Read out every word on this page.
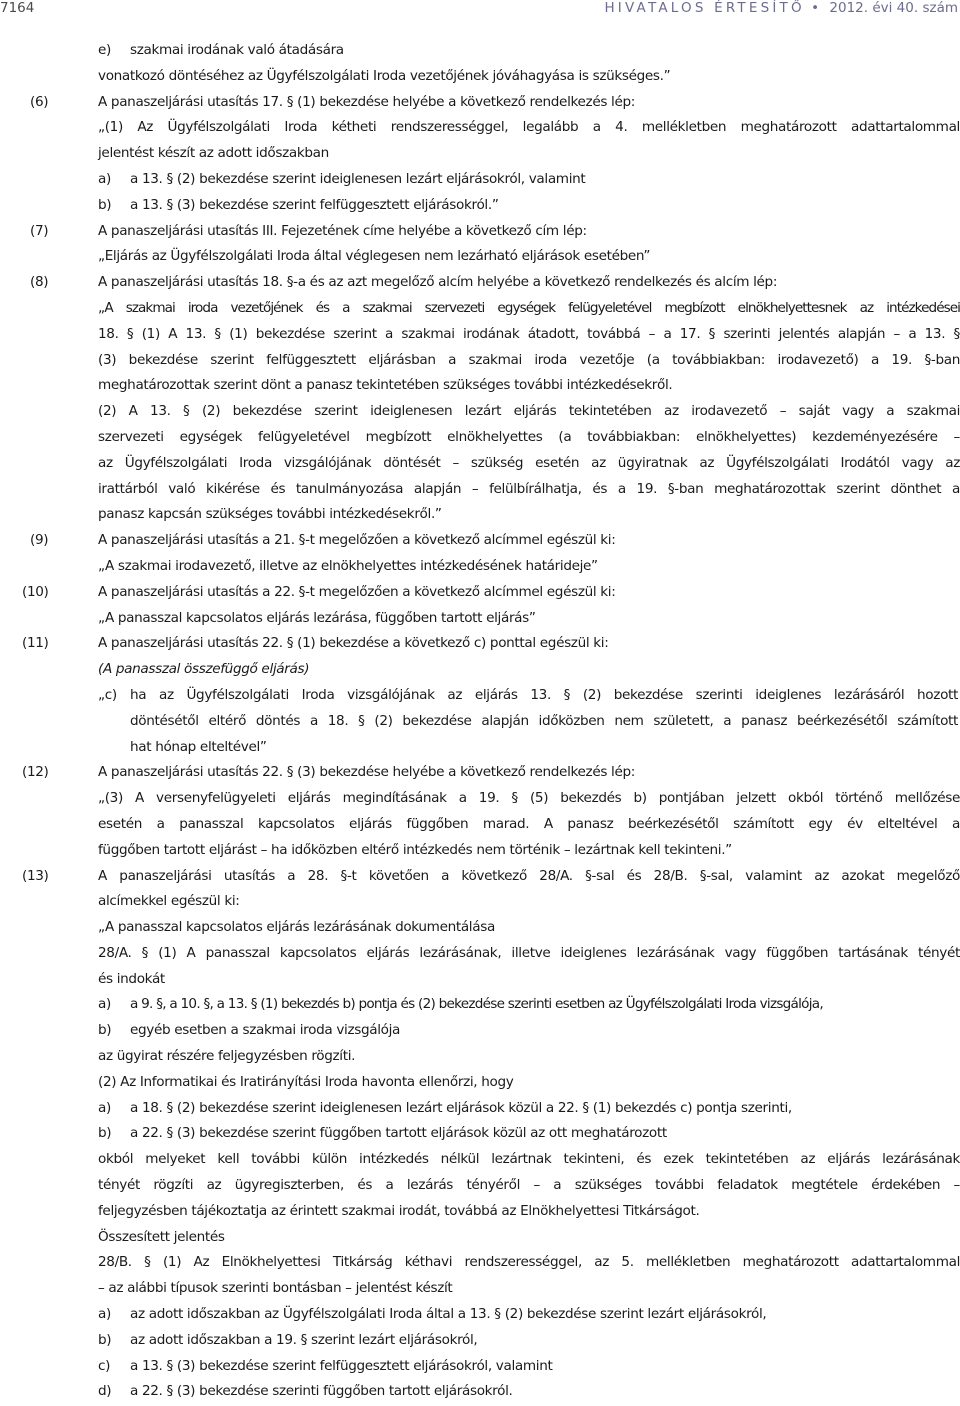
7164	HIVATALOS ÉRTESÍTŐ • 2012. évi 40. szám
e) szakmai irodának való átadására
vonatkozó döntéséhez az Ügyfélszolgálati Iroda vezetőjének jóváhagyása is szükséges.”
(6)	A panaszeljárási utasítás 17. § (1) bekezdése helyébe a következő rendelkezés lép:
„(1) Az Ügyfélszolgálati Iroda kétheti rendszerességgel, legalább a 4. mellékletben meghatározott adattartalommal
jelentést készít az adott időszakban
a) a 13. § (2) bekezdése szerint ideiglenesen lezárt eljárásokról, valamint
b) a 13. § (3) bekezdése szerint felfüggesztett eljárásokról.”
(7)	A panaszeljárási utasítás III. Fejezetének címe helyébe a következő cím lép:
„Eljárás az Ügyfélszolgálati Iroda által véglegesen nem lezárható eljárások esetében”
(8)	A panaszeljárási utasítás 18. §-a és az azt megelőző alcím helyébe a következő rendelkezés és alcím lép:
„A szakmai iroda vezetőjének és a szakmai szervezeti egységek felügyeletével megbízott elnökhelyettesnek az intézkedései
18. § (1) A 13. § (1) bekezdése szerint a szakmai irodának átadott, továbbá – a 17. § szerinti jelentés alapján – a 13. §
(3) bekezdése szerint felfüggesztett eljárásban a szakmai iroda vezetője (a továbbiakban: irodavezető) a 19. §-ban
meghatározottak szerint dönt a panasz tekintetében szükséges további intézkedésekről.
(2) A 13. § (2) bekezdése szerint ideiglenesen lezárt eljárás tekintetében az irodavezető – saját vagy a szakmai
szervezeti egységek felügyeletével megbízott elnökhelyettes (a továbbiakban: elnökhelyettes) kezdeményezésére –
az Ügyfélszolgálati Iroda vizsgálójának döntését – szükség esetén az ügyiratnak az Ügyfélszolgálati Irodától vagy az
irattárból való kikérése és tanulmányozása alapján – felülbírálhatja, és a 19. §-ban meghatározottak szerint dönthet a
panasz kapcsán szükséges további intézkedésekről.”
(9)	A panaszeljárási utasítás a 21. §-t megelőzően a következő alcímmel egészül ki:
„A szakmai irodavezető, illetve az elnökhelyettes intézkedésének határideje”
(10)	A panaszeljárási utasítás a 22. §-t megelőzően a következő alcímmel egészül ki:
„A panasszal kapcsolatos eljárás lezárása, függőben tartott eljárás”
(11)	A panaszeljárási utasítás 22. § (1) bekezdése a következő c) ponttal egészül ki:
(A panasszal összefüggő eljárás)
„c) ha az Ügyfélszolgálati Iroda vizsgálójának az eljárás 13. § (2) bekezdése szerinti ideiglenes lezárásáról hozott
döntésétől eltérő döntés a 18. § (2) bekezdése alapján időközben nem született, a panasz beérkezésétől számított
hat hónap elteltével”
(12)	A panaszeljárási utasítás 22. § (3) bekezdése helyébe a következő rendelkezés lép:
„(3) A versenyfelügyeleti eljárás megindításának a 19. § (5) bekezdés b) pontjában jelzett okból történő mellőzése
esetén a panasszal kapcsolatos eljárás függőben marad. A panasz beérkezésétől számított egy év elteltével a
függőben tartott eljárást – ha időközben eltérő intézkedés nem történik – lezártnak kell tekinteni.”
(13)	A panaszeljárási utasítás a 28. §-t követően a következő 28/A. §-sal és 28/B. §-sal, valamint az azokat megelőző
alcímekkel egészül ki:
„A panasszal kapcsolatos eljárás lezárásának dokumentálása
28/A. § (1) A panasszal kapcsolatos eljárás lezárásának, illetve ideiglenes lezárásának vagy függőben tartásának tényét
és indokát
a) a 9. §, a 10. §, a 13. § (1) bekezdés b) pontja és (2) bekezdése szerinti esetben az Ügyfélszolgálati Iroda vizsgálója,
b) egyéb esetben a szakmai iroda vizsgálója
az ügyirat részére feljegyzésben rögzíti.
(2) Az Informatikai és Iratirányítási Iroda havonta ellenőrzi, hogy
a) a 18. § (2) bekezdése szerint ideiglenesen lezárt eljárások közül a 22. § (1) bekezdés c) pontja szerinti,
b) a 22. § (3) bekezdése szerint függőben tartott eljárások közül az ott meghatározott
okból melyeket kell további külön intézkedés nélkül lezártnak tekinteni, és ezek tekintetében az eljárás lezárásának
tényét rögzíti az ügyregiszterben, és a lezárás tényéről – a szükséges további feladatok megtétele érdekében –
feljegyzésben tájékoztatja az érintett szakmai irodát, továbbá az Elnökhelyettesi Titkárságot.
Összesített jelentés
28/B. § (1) Az Elnökhelyettesi Titkárság kéthavi rendszerességgel, az 5. mellékletben meghatározott adattartalommal
– az alábbi típusok szerinti bontásban – jelentést készít
a) az adott időszakban az Ügyfélszolgálati Iroda által a 13. § (2) bekezdése szerint lezárt eljárásokról,
b) az adott időszakban a 19. § szerint lezárt eljárásokról,
c) a 13. § (3) bekezdése szerint felfüggesztett eljárásokról, valamint
d) a 22. § (3) bekezdése szerinti függőben tartott eljárásokról.
